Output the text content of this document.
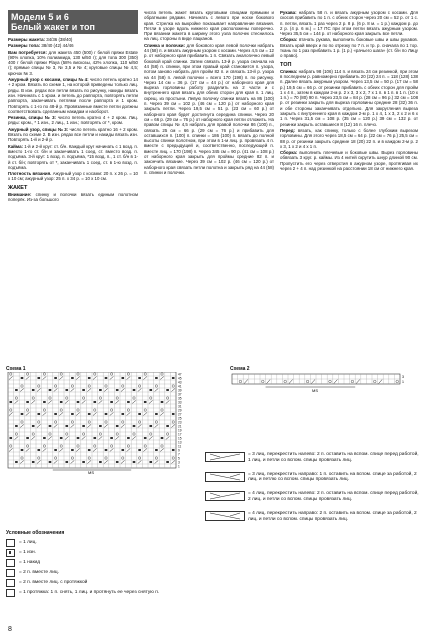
Модели 5 и 6
Белый жакет и топ

Размеры жакета: 34/36 (38/40)

Размеры топа: 38/40 (42) 44/46

Вам потребуется: для жакета 450 (500) г белой пряжи Estate (90% хлопка, 10% полиамида, 130 м/50 г); для топа 300 (350) 400 г белой пряжи Playa (58% вискозы, 42% хлопка, 110 м/50 г); прямые спицы № 3, № 3,5 и № 4; круговые спицы № 4,5; крючок № 3.

Ажурный узор с косами, спицы № 4: число петель кратно 14 + 2 кром. Вязать по схеме 1, на которой приведены только лиц. ряды. В изн. рядах все петли вязать по рисунку, накиды вязать изн. Начинать с 1 кром. и петель до раппорта, повторять петли раппорта, заканчивать петлями после раппорта и 1 кром. Повторять с 1-го по 48-й р. Провязанные вместе петли должны соответствовать сделанным накидам и наоборот.

Резинка, спицы № 3: число петель кратно 4 + 2 кром. Лиц. ряды: кром., * 1 изн., 2 лиц., 1 изн.; повторять от *, кром.

Ажурный узор, спицы № 3: число петель кратно 16 + 2 кром. Вязать по схеме 2. В изн. рядах все петли и накиды вязать изн. Повторять 1-й и 2-й р.

Кайма: 1-й и 2-й круг: ст. б/н. Каждый круг начинать с 1 возд. п. вместо 1-го ст. б/н и заканчивать 1 соед. ст. вместо возд. п. подъёма. 3-й круг: 1 возд. п. подъёма, *15 возд. п., 1 ст. б/н в 1-й ст. б/н; повторять от *, заканчивать 1 соед. ст. в 1-ю возд. п. подъёма.

Плотность вязания. Ажурный узор с косами: 20 п. x 26 р. = 10 x 10 см; ажурный узор: 25 п. x 34 р. = 10 x 10 см.

ЖАКЕТ

Внимание: спинку и полочки вязать единым полотном поперёк. Из-за большого

числа петель жакет вязать круговыми спицами прямыми и обратными рядами. Начинать с левого при носке бокового края. Стрелка на выкройке показывает направление вязания. Петли в узоре вдоль нижнего края расположены поперечно. При вязании жакета в ширину этого узла полочек стеснилось на лиц. стороны в виде лацканов.

Спинка и полочки: для бокового края левой полочки набрать 44 (58) п. и вязать ажурным узором с косами. Через 4,5 см = 12 р. от наборного края прибавить 1 п. Связать аналогично левый боковой край спинки. Затем связать 13-й р. узора сначала на 44 (58) п. спинки, при этом правый край становится п. узора, потом заново набрать для пройм 82 п. и связать 13-й р. узора на 44 (58) п. левой полочки = всего 170 (198) п. по рисунку. Через 14 см = 36 р. (17 см = 44 р.) от наборного края для выреза горловины работу разделить на 2 части и с внутреннего края вязать для обеих сторон для края п. 1 лиц. скрещ. из простыни. Левую полочку спинки вязать на 86 (100) п. Через 39 см = 102 р. (46 см = 120 р.) от наборного края закрыть петли. Через 19,5 см = 51 р. (23 см = 60 р.) от наборного края будет достигнута середина спинки. Через 20 см = 66 р. (29 см = 76 р.) от наборного края петли отложить. На правом спицы № 4,5 набрать для правой полочки 86 (100) п., связать 25 см = 66 р. (29 см = 76 р.) и прибавить для оставшихся п. (100) п. спинки = 186 (100) п. вязать до полной высоты спинки полотном, при этом в 1-м лиц. р. провязать 4 п. вместе с предыдущей и, соответственно, последующей п. вместе лиц. = 170 (198) п. Через 345 см = 90 р. (41 см = 108 р.) от наборного края закрыть для проймы средние 82 п. и закончить вязание. Через 39 см = 102 р. (46 см = 120 р.) от наборного края связать петли полотна и закрыть ряд на 44 (58) п. спинки и полочки.

Рукава: набрать 58 п. и вязать ажурным узором с косами. Для скосов прибавить по 1 п. с обеих сторон через 20 см = 52 р. от 1 с. п. петли, вязать 1 раз через 2 р. 8 р. (6 р. 8 м. = 1 р.) каждом р. до 2 р. (4 р. 6 м.) = 17 ПС при этом петли вязать ажурным узором. Через 35,5 см = 144 р. от наборного края закрыть все петли.

Сборка: втачать рукава, выполнить боковые швы и швы рукавов. Вязать край вверх и по по отрезку по 7 п. и тр. р. сначала по 1 тор. ткань по 1 раз прибавить 1 р. (1 р.) «рачьего шага» (ст. б/н по Лицу о право).

ТОП

Спинка: набрать 98 (106) 114 п. и вязать 24 см резинкой, при этом в последнем р. равномерно прибавить 20 (22) 24 п. = 118 (128) 138 п. Далее вязать ажурным узором. Через 13,5 см = 50 р. (17 см = 58 р.) 19,5 см = 66 р. от резинки прибавить с обеих сторон для пройм 1 х 4 п., затем в каждом 2-м р. 2 х 3, 3 х 2, 7 х 1 п. в 1 п. в 1 п. (10 х 1 п.) = 70 (80) 90 п. Через 23,5 см = 84 р. (28 см = 96 р.) 32 см = 108 р. от резинки закрыть для выреза горловины средние 28 (32) 36 п. и обе стороны заканчивать отдельно. Для закругления выреза закрыть с внутреннего края в каждом 2-м р. 1 х 4, 1 х 3, 2 х 2 и 6 х 1 п. Через 31,5 см = 108 р. (35 см = 120 р.) 39 см = 132 р. от резинки закрыть оставшиеся 8 (12) 16 п. плечо.

Перед: вязать, как спинку, только с более глубоким вырезом горловины. Для этого через 18,5 см = 64 р. (22 см = 76 р.) 25,5 см = 88 р. от резинки закрыть средние 18 (20) 22 п. и в каждом 2-м р. 2 х 3, 1 х 2 и 4 х 1 п.

Сборка: выполнить плечевые и боковые швы. Вырез горловины обвязать 3 круг. р. каймы. Из 4 нитей скрутить шнур длиной 90 см. Пропустить его через отверстия в ажурном узоре, протягивая их через 2 + 4 п. над резинкой на расстоянии 18 см от нижнего края.

Схема 1
47
45
43
41
39
37
35
33
31
29
27
25
23
21
19
17
15
13
11
9
7
5
3
1
МS
Схема 2
3
1
МS
= 3 лиц. перекрестить налево: 2 п. оставить на вспом. спице перед работой, 1 лиц. и петли со вспом. спицы провязать лиц.
= 3 лиц. перекрестить направо: 1 п. оставить на вспом. спице за работой, 2 лиц. и петлю со вспом. спицы провязать лиц.
= 4 лиц. перекрестить налево: 2 п. оставить на вспом. спице перед работой, 2 лиц. и петли со вспом. спицы провязать лиц.
= 4 лиц. перекрестить направо: 2 п. оставить на вспом. спице за работой, 2 лиц. и петли со вспом. спицы провязать лиц.
Условные обозначения
= 1 лиц.
= 1 изн.
= 1 накид
= 2 п. вместе лиц.
= 2 п. вместе лиц. с протяжкой
= 1 протяжка: 1 п. снять, 1 лиц. и протянуть ее через снятую п.
8
